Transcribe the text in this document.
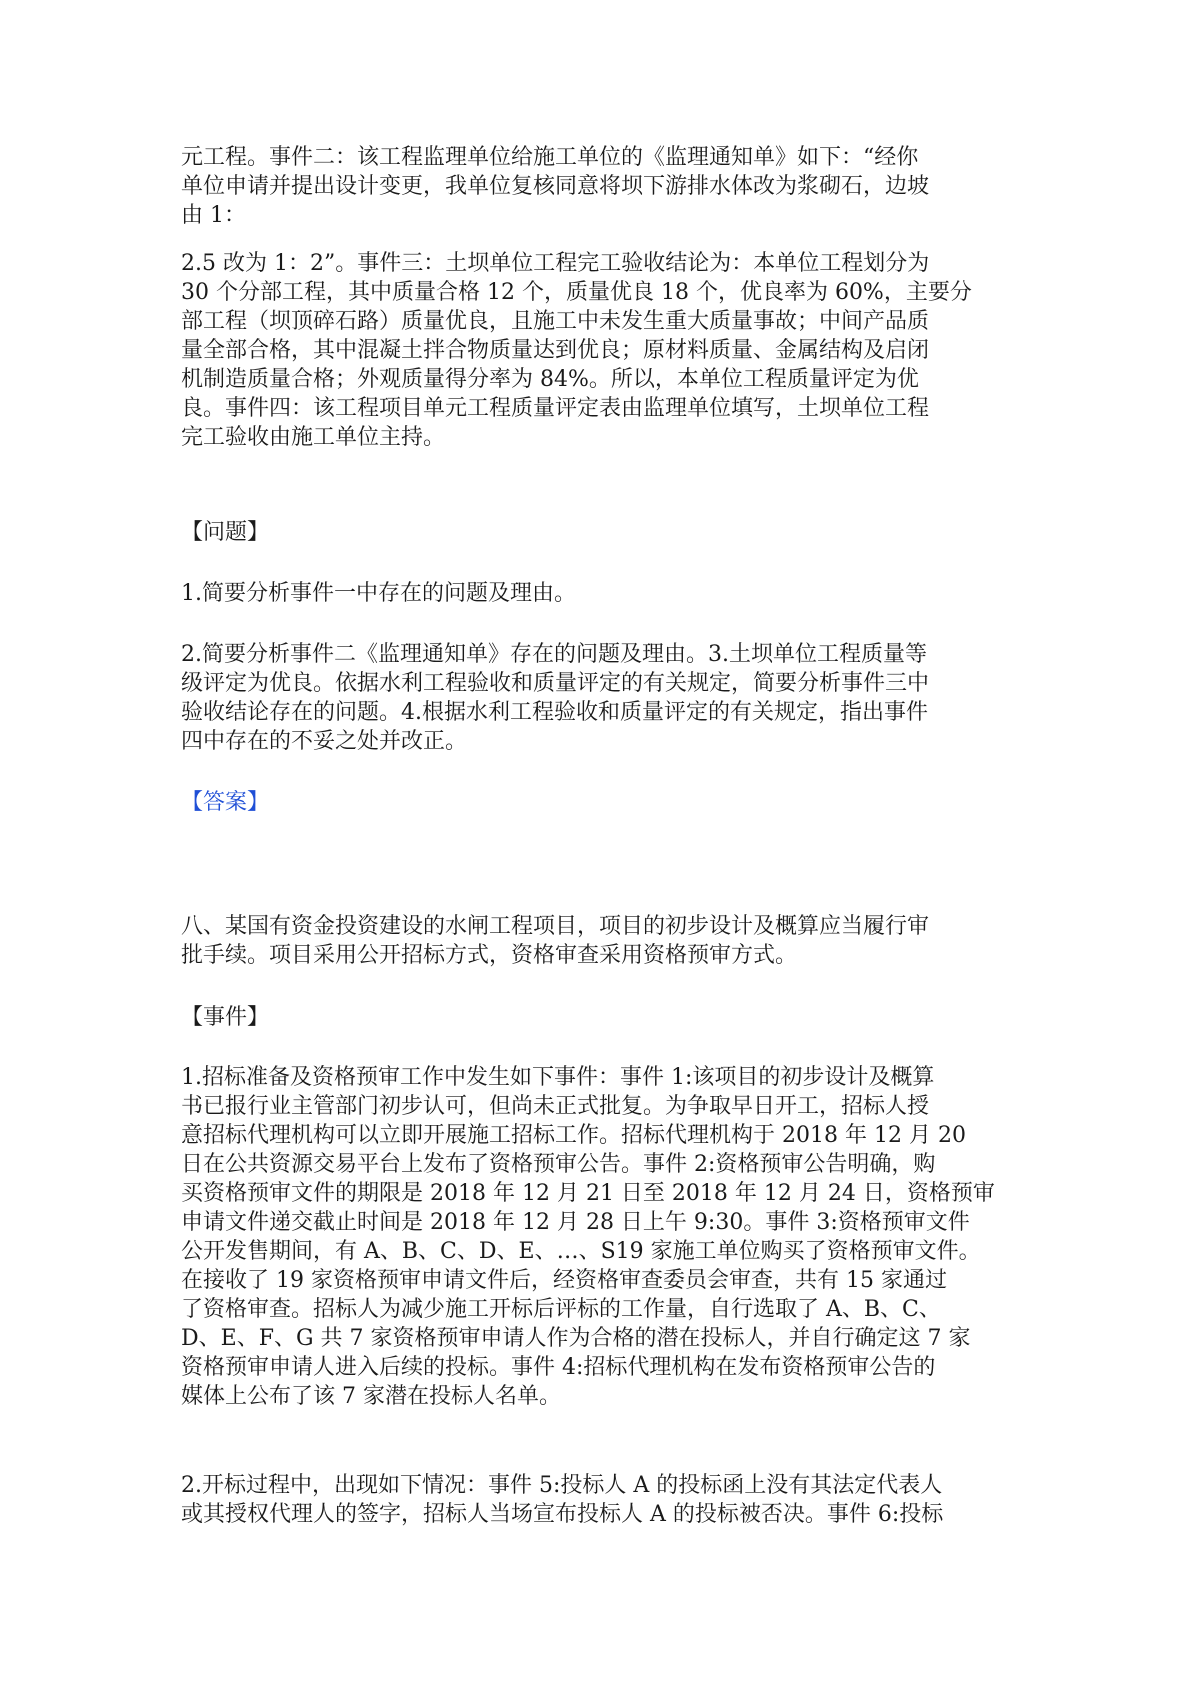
元工程。事件二：该工程监理单位给施工单位的《监理通知单》如下：“经你
单位申请并提出设计变更，我单位复核同意将坝下游排水体改为浆砌石，边坡
由 1：

2.5 改为 1：2”。事件三：土坝单位工程完工验收结论为：本单位工程划分为
30 个分部工程，其中质量合格 12 个，质量优良 18 个，优良率为 60%，主要分
部工程（坝顶碎石路）质量优良，且施工中未发生重大质量事故；中间产品质
量全部合格，其中混凝土拌合物质量达到优良；原材料质量、金属结构及启闭
机制造质量合格；外观质量得分率为 84%。所以，本单位工程质量评定为优
良。事件四：该工程项目单元工程质量评定表由监理单位填写，土坝单位工程
完工验收由施工单位主持。

【问题】

1.简要分析事件一中存在的问题及理由。

2.简要分析事件二《监理通知单》存在的问题及理由。3.土坝单位工程质量等
级评定为优良。依据水利工程验收和质量评定的有关规定，简要分析事件三中
验收结论存在的问题。4.根据水利工程验收和质量评定的有关规定，指出事件
四中存在的不妥之处并改正。

【答案】

八、某国有资金投资建设的水闸工程项目，项目的初步设计及概算应当履行审
批手续。项目采用公开招标方式，资格审查采用资格预审方式。

【事件】

1.招标准备及资格预审工作中发生如下事件：事件 1:该项目的初步设计及概算
书已报行业主管部门初步认可，但尚未正式批复。为争取早日开工，招标人授
意招标代理机构可以立即开展施工招标工作。招标代理机构于 2018 年 12 月 20
日在公共资源交易平台上发布了资格预审公告。事件 2:资格预审公告明确，购
买资格预审文件的期限是 2018 年 12 月 21 日至 2018 年 12 月 24 日，资格预审
申请文件递交截止时间是 2018 年 12 月 28 日上午 9:30。事件 3:资格预审文件
公开发售期间，有 A、B、C、D、E、…、S19 家施工单位购买了资格预审文件。
在接收了 19 家资格预审申请文件后，经资格审查委员会审查，共有 15 家通过
了资格审查。招标人为减少施工开标后评标的工作量，自行选取了 A、B、C、
D、E、F、G 共 7 家资格预审申请人作为合格的潜在投标人，并自行确定这 7 家
资格预审申请人进入后续的投标。事件 4:招标代理机构在发布资格预审公告的
媒体上公布了该 7 家潜在投标人名单。

2.开标过程中，出现如下情况：事件 5:投标人 A 的投标函上没有其法定代表人
或其授权代理人的签字，招标人当场宣布投标人 A 的投标被否决。事件 6:投标
